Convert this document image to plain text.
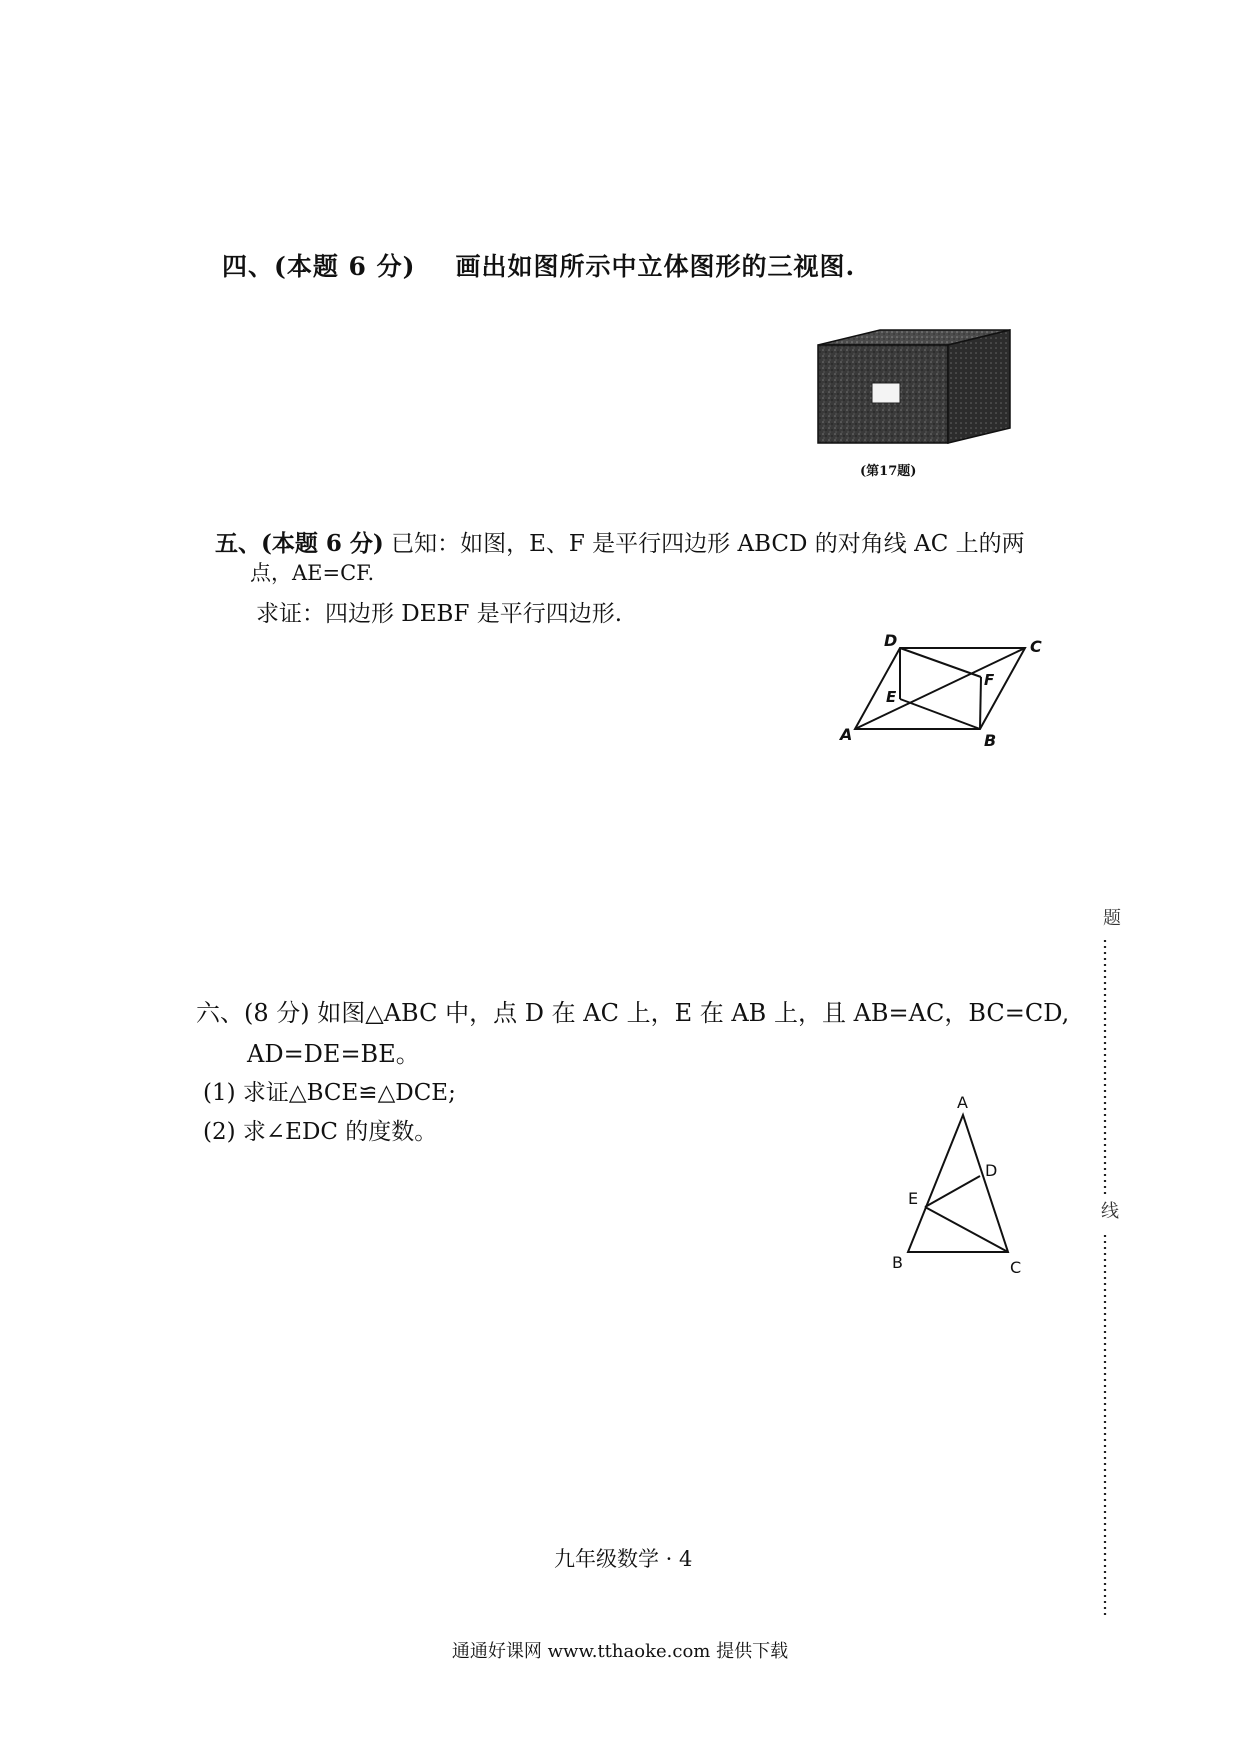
四、(本题 6 分) 画出如图所示中立体图形的三视图.
(第17题)
五、(本题 6 分) 已知：如图，E、F 是平行四边形 ABCD 的对角线 AC 上的两
点，AE=CF.
求证：四边形 DEBF 是平行四边形.
A	B
C
D
E
F
六、(8 分) 如图△ABC 中，点 D 在 AC 上，E 在 AB 上，且 AB=AC，BC=CD,
AD=DE=BE。
(1) 求证△BCE≌△DCE;
(2) 求∠EDC 的度数。
A
B	C
D
E
题
线
九年级数学 · 4
通通好课网 www.tthaoke.com 提供下载
